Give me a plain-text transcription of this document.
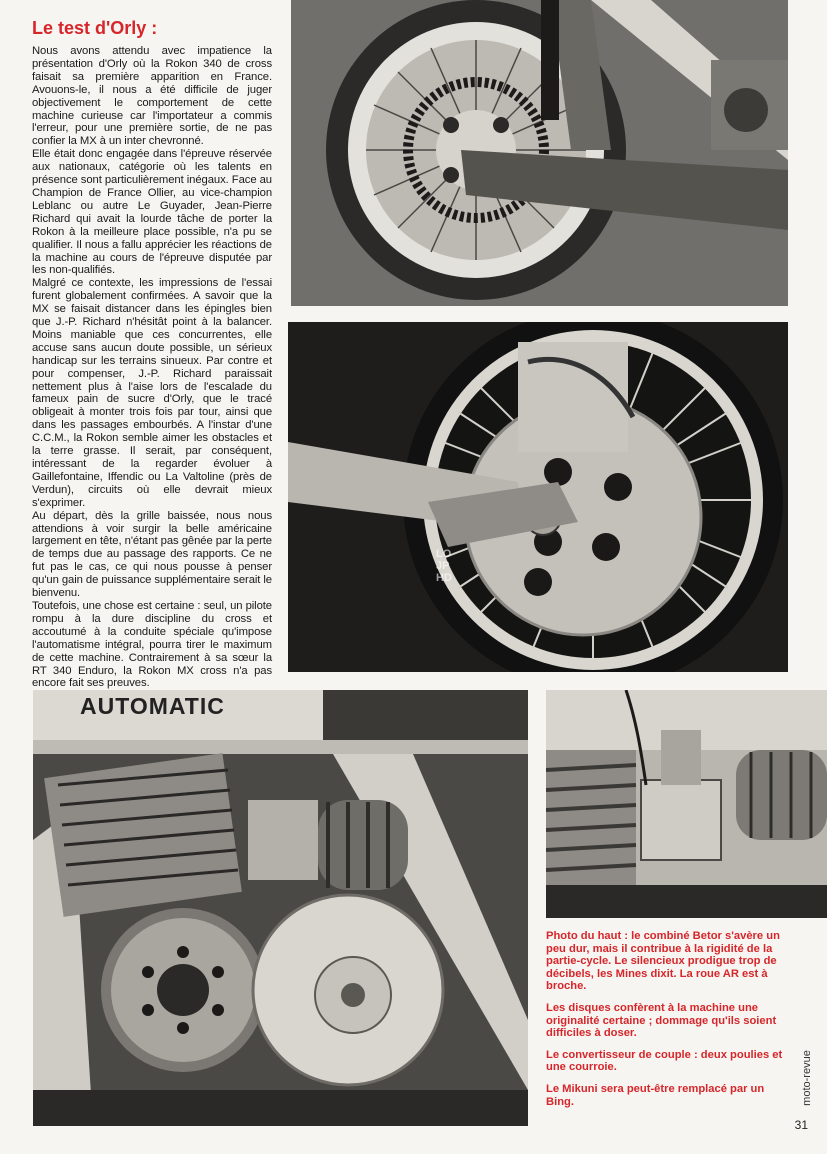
Le test d'Orly :

Nous avons attendu avec impatience la présentation d'Orly où la Rokon 340 de cross faisait sa première apparition en France. Avouons-le, il nous a été difficile de juger objectivement le comportement de cette machine curieuse car l'importateur a commis l'erreur, pour une première sortie, de ne pas confier la MX à un inter chevronné.

Elle était donc engagée dans l'épreuve réservée aux nationaux, catégorie où les talents en présence sont particulièrement inégaux. Face au Champion de France Ollier, au vice-champion Leblanc ou autre Le Guyader, Jean-Pierre Richard qui avait la lourde tâche de porter la Rokon à la meilleure place possible, n'a pu se qualifier. Il nous a fallu apprécier les réactions de la machine au cours de l'épreuve disputée par les non-qualifiés.

Malgré ce contexte, les impressions de l'essai furent globalement confirmées. A savoir que la MX se faisait distancer dans les épingles bien que J.-P. Richard n'hésitât point à la balancer. Moins maniable que ces concurrentes, elle accuse sans aucun doute possible, un sérieux handicap sur les terrains sinueux. Par contre et pour compenser, J.-P. Richard paraissait nettement plus à l'aise lors de l'escalade du fameux pain de sucre d'Orly, que le tracé obligeait à monter trois fois par tour, ainsi que dans les passages embourbés. A l'instar d'une C.C.M., la Rokon semble aimer les obstacles et la terre grasse. Il serait, par conséquent, intéressant de la regarder évoluer à Gaillefontaine, Iffendic ou La Valtoline (près de Verdun), circuits où elle devrait mieux s'exprimer.

Au départ, dès la grille baissée, nous nous attendions à voir surgir la belle américaine largement en tête, n'étant pas gênée par la perte de temps due au passage des rapports. Ce ne fut pas le cas, ce qui nous pousse à penser qu'un gain de puissance supplémentaire serait le bienvenu.

Toutefois, une chose est certaine : seul, un pilote rompu à la dure discipline du cross et accoutumé à la conduite spéciale qu'impose l'automatisme intégral, pourra tirer le maximum de cette machine. Contrairement à sa sœur la RT 340 Enduro, la Rokon MX cross n'a pas encore fait ses preuves.

AUTOMATIC
LO
JP
HD

Photo du haut : le combiné Betor s'avère un peu dur, mais il contribue à la rigidité de la partie-cycle. Le silencieux prodigue trop de décibels, les Mines dixit. La roue AR est à broche.

Les disques confèrent à la machine une originalité certaine ; dommage qu'ils soient difficiles à doser.

Le convertisseur de couple : deux poulies et une courroie.

Le Mikuni sera peut-être remplacé par un Bing.	moto-revue
31
